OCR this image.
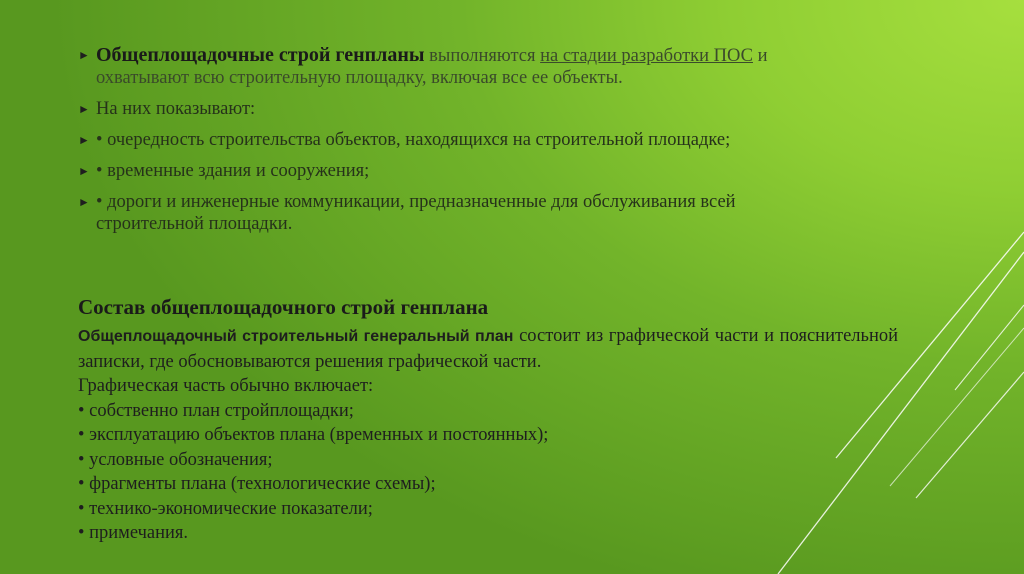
► Общеплощадочные строй генпланы выполняются на стадии разработки ПОС и охватывают всю строительную площадку, включая все ее объекты.
► На них показывают:
► • очередность строительства объектов, находящихся на строительной площадке;
► • временные здания и сооружения;
► • дороги и инженерные коммуникации, предназначенные для обслуживания всей строительной площадки.
Состав общеплощадочного строй генплана

Общеплощадочный строительный генеральный план состоит из графической части и пояснительной записки, где обосновываются решения графической части.

Графическая часть обычно включает:

• собственно план стройплощадки;

• эксплуатацию объектов плана (временных и постоянных);

• условные обозначения;

• фрагменты плана (технологические схемы);

• технико-экономические показатели;

• примечания.
